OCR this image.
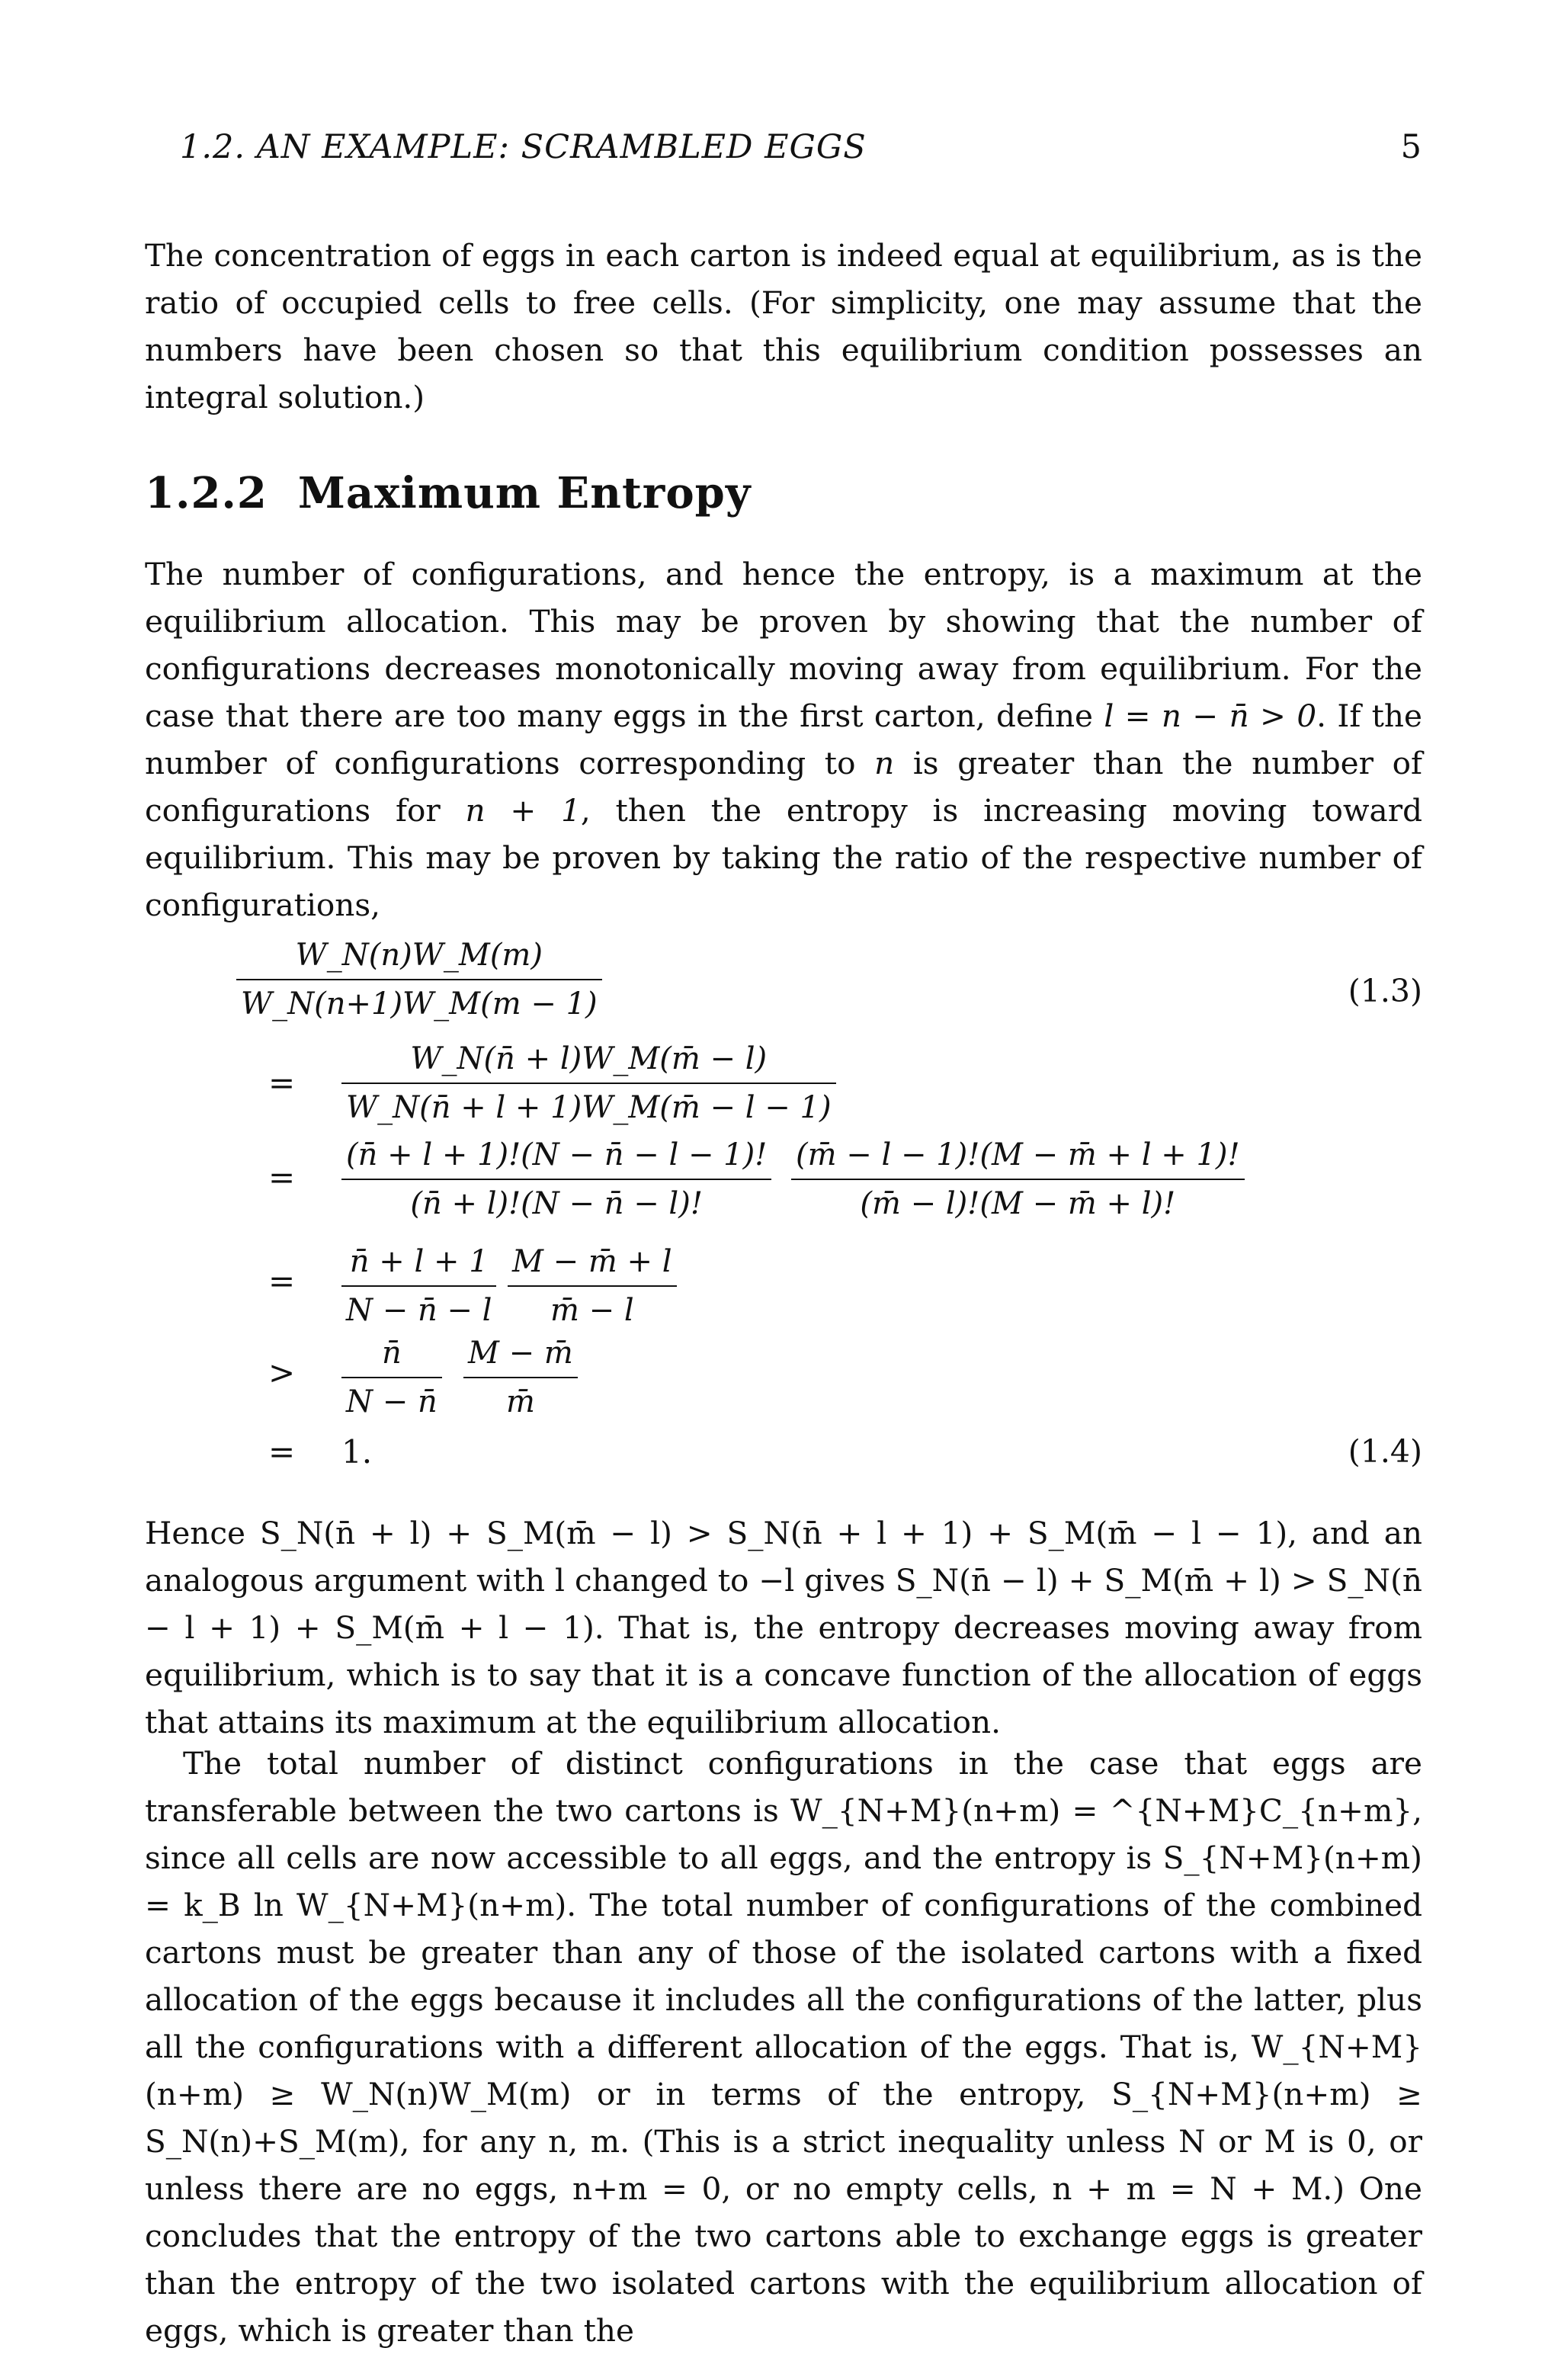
1.2. AN EXAMPLE: SCRAMBLED EGGS	5

The concentration of eggs in each carton is indeed equal at equilibrium, as is the ratio of occupied cells to free cells. (For simplicity, one may assume that the numbers have been chosen so that this equilibrium condition possesses an integral solution.)

1.2.2 Maximum Entropy

The number of configurations, and hence the entropy, is a maximum at the equilibrium allocation. This may be proven by showing that the number of configurations decreases monotonically moving away from equilibrium. For the case that there are too many eggs in the first carton, define l = n − n̄ > 0. If the number of configurations corresponding to n is greater than the number of configurations for n + 1, then the entropy is increasing moving toward equilibrium. This may be proven by taking the ratio of the respective number of configurations,

$\frac{W\_N(n)W\_M(m)}{W\_N(n+1)W\_M(m - 1)}$	(1.3)
= $\frac{W\_N(n̄ + l)W\_M(m̄ - l)}{W\_N(n̄ + l + 1)W\_M(m̄ - l - 1)}$
= $\frac{(n̄ + l + 1)!(N - n̄ - l - 1)!}{(n̄ + l)!(N - n̄ - l)!} \frac{(m̄ - l - 1)!(M - m̄ + l + 1)!}{(m̄ - l)!(M - m̄ + l)!}$
= $\frac{n̄ + l + 1}{N - n̄ - l} \frac{M - m̄ + l}{m̄ - l}$
> $\frac{n̄}{N - n̄} \frac{M - m̄}{m̄}$
= 1.	(1.4)

Hence S_N(n̄ + l) + S_M(m̄ − l) > S_N(n̄ + l + 1) + S_M(m̄ − l − 1), and an analogous argument with l changed to −l gives S_N(n̄ − l) + S_M(m̄ + l) > S_N(n̄ − l + 1) + S_M(m̄ + l − 1). That is, the entropy decreases moving away from equilibrium, which is to say that it is a concave function of the allocation of eggs that attains its maximum at the equilibrium allocation.

The total number of distinct configurations in the case that eggs are transferable between the two cartons is W_{N+M}(n+m) = ^{N+M}C_{n+m}, since all cells are now accessible to all eggs, and the entropy is S_{N+M}(n+m) = k_B ln W_{N+M}(n+m). The total number of configurations of the combined cartons must be greater than any of those of the isolated cartons with a fixed allocation of the eggs because it includes all the configurations of the latter, plus all the configurations with a different allocation of the eggs. That is, W_{N+M}(n+m) ≥ W_N(n)W_M(m) or in terms of the entropy, S_{N+M}(n+m) ≥ S_N(n)+S_M(m), for any n, m. (This is a strict inequality unless N or M is 0, or unless there are no eggs, n+m = 0, or no empty cells, n + m = N + M.) One concludes that the entropy of the two cartons able to exchange eggs is greater than the entropy of the two isolated cartons with the equilibrium allocation of eggs, which is greater than the
